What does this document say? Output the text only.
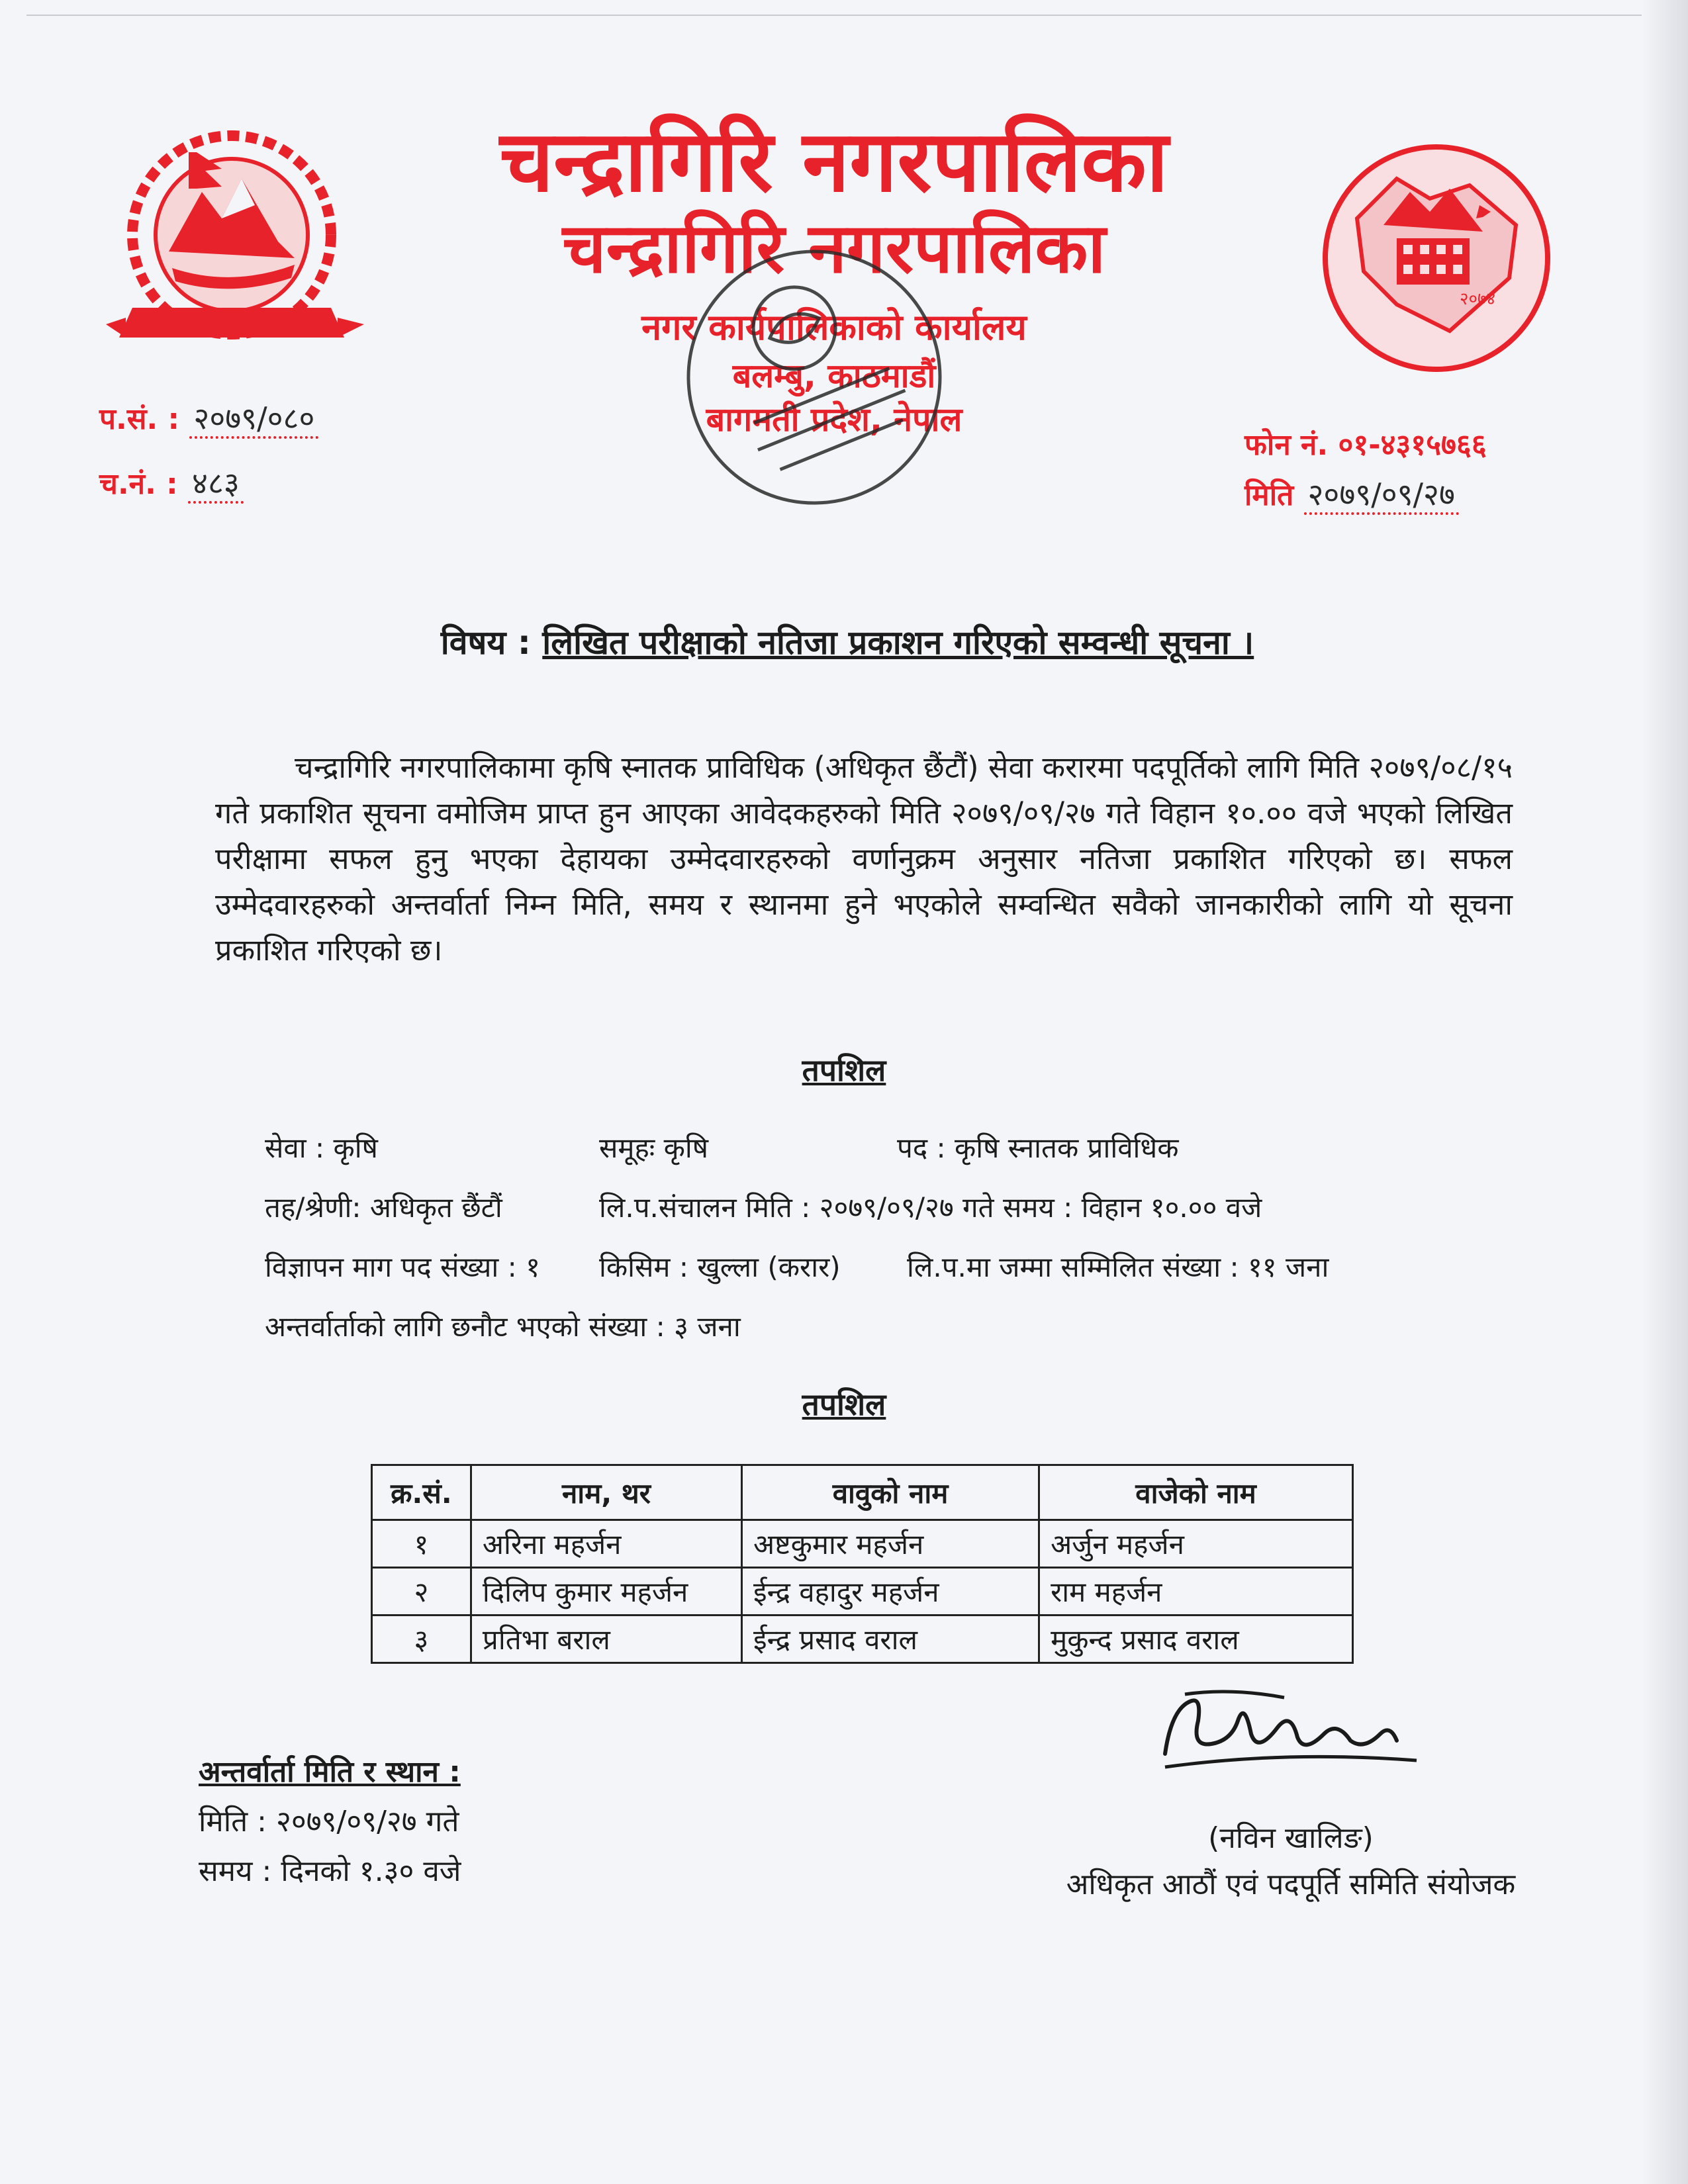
२०७४
चन्द्रागिरि नगरपालिका
चन्द्रागिरि नगरपालिका
नगर कार्यपालिकाको कार्यालय
बलम्बु, काठमाडौं
बागमती प्रदेश, नेपाल
प.सं. : २०७९/०८०
च.नं. : ४८३
फोन नं. ०१-४३१५७६६
मिति २०७९/०९/२७
विषय : लिखित परीक्षाको नतिजा प्रकाशन गरिएको सम्वन्धी सूचना ।
चन्द्रागिरि नगरपालिकामा कृषि स्नातक प्राविधिक (अधिकृत छैंटौं) सेवा करारमा पदपूर्तिको लागि मिति २०७९/०८/१५ गते प्रकाशित सूचना वमोजिम प्राप्त हुन आएका आवेदकहरुको मिति २०७९/०९/२७ गते विहान १०.०० वजे भएको लिखित परीक्षामा सफल हुनु भएका देहायका उम्मेदवारहरुको वर्णानुक्रम अनुसार नतिजा प्रकाशित गरिएको छ। सफल उम्मेदवारहरुको अन्तर्वार्ता निम्न मिति, समय र स्थानमा हुने भएकोले सम्वन्धित सवैको जानकारीको लागि यो सूचना प्रकाशित गरिएको छ।
तपशिल
सेवा : कृषि	समूहः कृषि	पद : कृषि स्नातक प्राविधिक
तह/श्रेणी: अधिकृत छैंटौं	लि.प.संचालन मिति : २०७९/०९/२७ गते समय : विहान १०.०० वजे
विज्ञापन माग पद संख्या : १ किसिम : खुल्ला (करार) लि.प.मा जम्मा सम्मिलित संख्या : ११ जना
अन्तर्वार्ताको लागि छनौट भएको संख्या : ३ जना
तपशिल
क्र.सं.	नाम, थर	वावुको नाम	वाजेको नाम
१	अरिना महर्जन	अष्टकुमार महर्जन	अर्जुन महर्जन
२	दिलिप कुमार महर्जन	ईन्द्र वहादुर महर्जन	राम महर्जन
३	प्रतिभा बराल	ईन्द्र प्रसाद वराल	मुकुन्द प्रसाद वराल
अन्तर्वार्ता मिति र स्थान :
मिति : २०७९/०९/२७ गते
समय : दिनको १.३० वजे
(नविन खालिङ)
अधिकृत आठौं एवं पदपूर्ति समिति संयोजक
